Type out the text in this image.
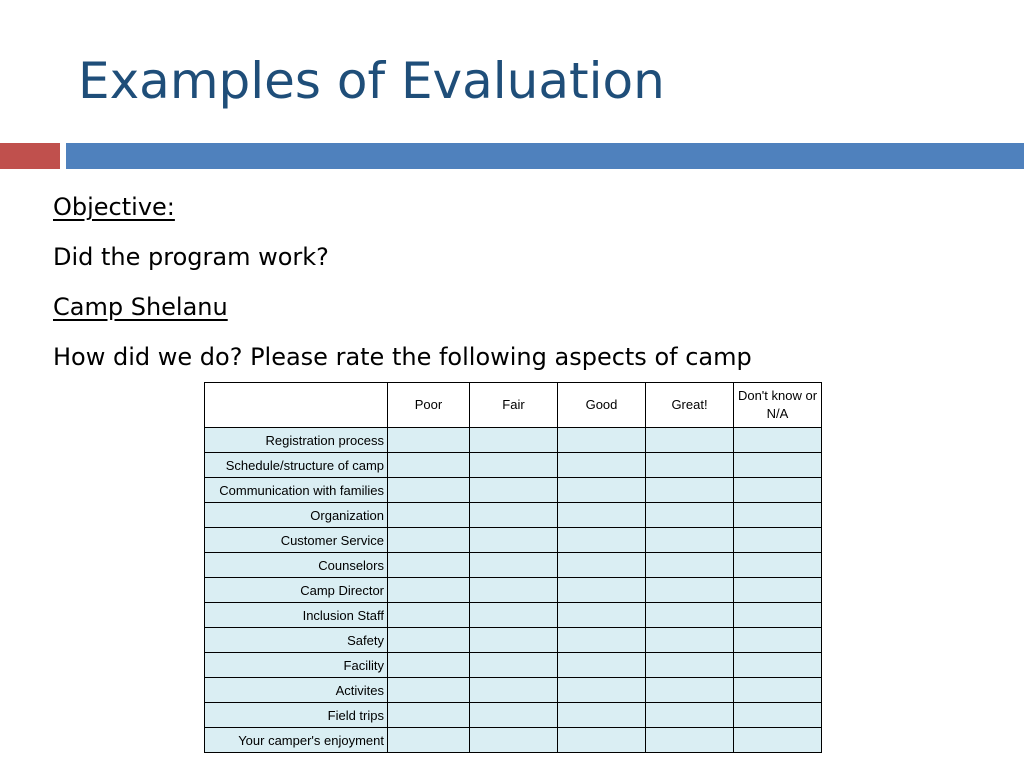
Examples of Evaluation

Objective:

Did the program work?

Camp Shelanu

How did we do? Please rate the following aspects of camp

	Poor	Fair	Good	Great!	Don't know or N/A
Registration process					
Schedule/structure of camp					
Communication with families					
Organization					
Customer Service					
Counselors					
Camp Director					
Inclusion Staff					
Safety					
Facility					
Activites					
Field trips					
Your camper's enjoyment					
